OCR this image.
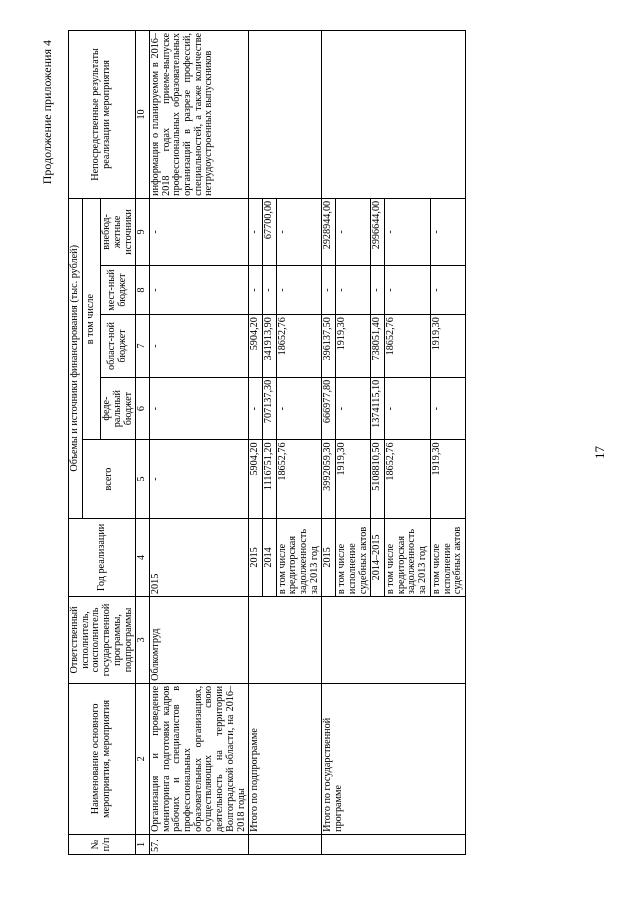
Продолжение приложения 4
№ п/п	Наименование основного мероприятия, мероприятия	Ответственный исполнитель, соисполнитель государственной программы, подпрограммы	Год реализации	Объемы и источники финансирования (тыс. рублей)					Непосредственные результаты реализации мероприятия
				всего	в том числе				
					феде-ральный бюджет	област-ной бюджет	мест-ный бюджет	внебюд-жетные источники	
1	2	3	4	5	6	7	8	9	10
57.	Организация и проведение мониторинга подготовки кадров рабочих и специалистов в профессиональных образовательных организациях, осуществляющих свою деятельность на территории Волгоградской области, на 2016–2018 годы	Облкомтруд	2015	-	-	-	-	-	информация о планируемом в 2016–2018 годах приеме-выпуске профессиональных образовательных организаций в разрезе профессий, специальностей, а также количестве нетрудоустроенных выпускников
	Итого по подпрограмме		2015	5904,20	-	5904,20	-	-	
			2014	1116751,20	707137,30	341913,90	-	67700,00	
			в том числе кредиторская задолженность за 2013 год	18652,76	-	18652,76	-	-	
	Итого по государственной программе		2015	3992059,30	666977,80	396137,50	-	2928944,00	
			в том числе исполнение судебных актов	1919,30	-	1919,30	-	-	
			2014–2015	5108810,50	1374115,10	738051,40	-	2996644,00	
			в том числе кредиторская задолженность за 2013 год	18652,76	-	18652,76	-	-	
			в том числе исполнение судебных актов	1919,30	-	1919,30	-	-	
17
